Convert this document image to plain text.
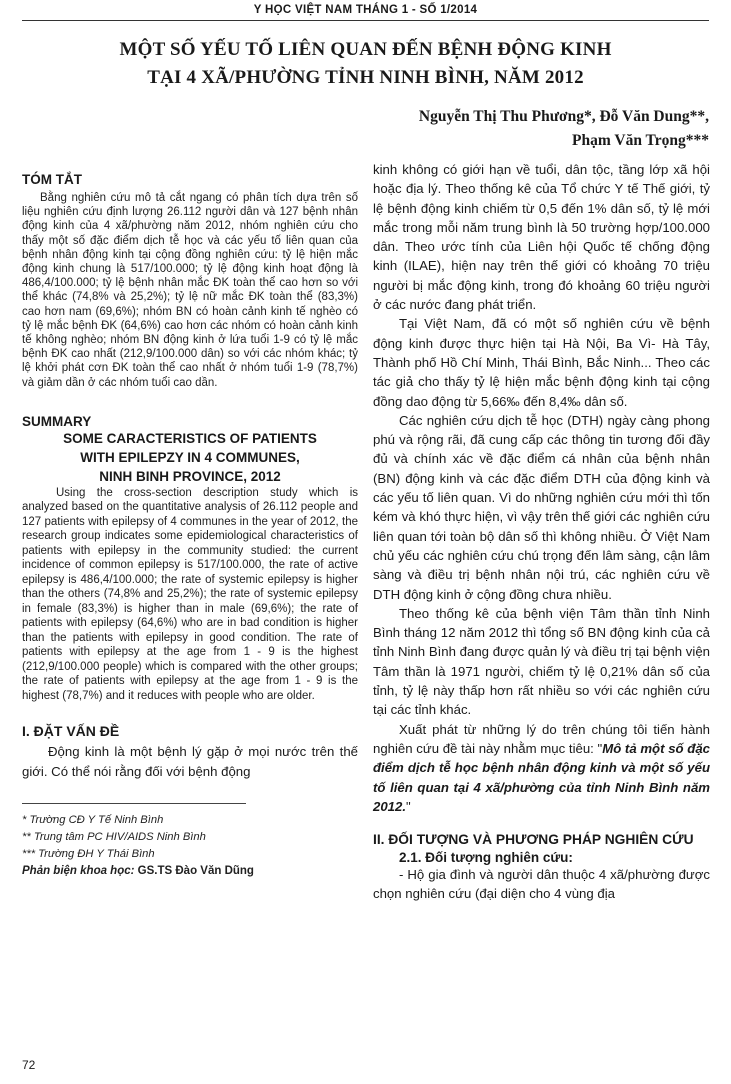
Y HỌC VIỆT NAM THÁNG 1 - SỐ 1/2014
MỘT SỐ YẾU TỐ LIÊN QUAN ĐẾN BỆNH ĐỘNG KINH
TẠI 4 XÃ/PHƯỜNG TỈNH NINH BÌNH, NĂM 2012
Nguyễn Thị Thu Phương*, Đỗ Văn Dung**,
Phạm Văn Trọng***
TÓM TẮT

Bằng nghiên cứu mô tả cắt ngang có phân tích dựa trên số liệu nghiên cứu định lượng 26.112 người dân và 127 bệnh nhân động kinh của 4 xã/phường năm 2012, nhóm nghiên cứu cho thấy một số đặc điểm dịch tễ học và các yếu tố liên quan của bệnh nhân động kinh tại cộng đồng nghiên cứu: tỷ lệ hiện mắc động kinh chung là 517/100.000; tỷ lệ động kinh hoạt động là 486,4/100.000; tỷ lệ bệnh nhân mắc ĐK toàn thể cao hơn so với thể khác (74,8% và 25,2%); tỷ lệ nữ mắc ĐK toàn thể (83,3%) cao hơn nam (69,6%); nhóm BN có hoàn cảnh kinh tế nghèo có tỷ lệ mắc bệnh ĐK (64,6%) cao hơn các nhóm có hoàn cảnh kinh tế không nghèo; nhóm BN động kinh ở lứa tuổi 1-9 có tỷ lệ mắc bệnh ĐK cao nhất (212,9/100.000 dân) so với các nhóm khác; tỷ lệ khởi phát cơn ĐK toàn thể cao nhất ở nhóm tuổi 1-9 (78,7%) và giảm dần ở các nhóm tuổi cao dần.

SUMMARY
SOME CARACTERISTICS OF PATIENTS
WITH EPILEPZY IN 4 COMMUNES,
NINH BINH PROVINCE, 2012

Using the cross-section description study which is analyzed based on the quantitative analysis of 26.112 people and 127 patients with epilepsy of 4 communes in the year of 2012, the research group indicates some epidemiological characteristics of patients with epilepsy in the community studied: the current incidence of common epilepsy is 517/100.000, the rate of active epilepsy is 486,4/100.000; the rate of systemic epilepsy is higher than the others (74,8% and 25,2%); the rate of systemic epilepsy in female (83,3%) is higher than in male (69,6%); the rate of patients with epilepsy (64,6%) who are in bad condition is higher than the patients with epilepsy in good condition. The rate of patients with epilepsy at the age from 1 - 9 is the highest (212,9/100.000 people) which is compared with the other groups; the rate of patients with epilepsy at the age from 1 - 9 is the highest (78,7%) and it reduces with people who are older.

I. ĐẶT VẤN ĐỀ

Động kinh là một bệnh lý gặp ở mọi nước trên thế giới. Có thể nói rằng đối với bệnh động

* Trường CĐ Y Tế Ninh Bình
** Trung tâm PC HIV/AIDS Ninh Bình
*** Trường ĐH Y Thái Bình
Phản biện khoa học: GS.TS Đào Văn Dũng

kinh không có giới hạn về tuổi, dân tộc, tầng lớp xã hội hoặc địa lý. Theo thống kê của Tổ chức Y tế Thế giới, tỷ lệ bệnh động kinh chiếm từ 0,5 đến 1% dân số, tỷ lệ mới mắc trong mỗi năm trung bình là 50 trường hợp/100.000 dân. Theo ước tính của Liên hội Quốc tế chống động kinh (ILAE), hiện nay trên thế giới có khoảng 70 triệu người bị mắc động kinh, trong đó khoảng 60 triệu người ở các nước đang phát triển.

Tại Việt Nam, đã có một số nghiên cứu về bệnh động kinh được thực hiện tại Hà Nội, Ba Vì- Hà Tây, Thành phố Hồ Chí Minh, Thái Bình, Bắc Ninh... Theo các tác giả cho thấy tỷ lệ hiện mắc bệnh động kinh tại cộng đồng dao động từ 5,66‰ đến 8,4‰ dân số.

Các nghiên cứu dịch tễ học (DTH) ngày càng phong phú và rộng rãi, đã cung cấp các thông tin tương đối đầy đủ và chính xác về đặc điểm cá nhân của bệnh nhân (BN) động kinh và các đặc điểm DTH của động kinh và các yếu tố liên quan. Vì do những nghiên cứu mới thì tốn kém và khó thực hiện, vì vậy trên thế giới các nghiên cứu liên quan tới toàn bộ dân số thì không nhiều. Ở Việt Nam chủ yếu các nghiên cứu chú trọng đến lâm sàng, cận lâm sàng và điều trị bệnh nhân nội trú, các nghiên cứu về DTH động kinh ở cộng đồng chưa nhiều.

Theo thống kê của bệnh viện Tâm thần tỉnh Ninh Bình tháng 12 năm 2012 thì tổng số BN động kinh của cả tỉnh Ninh Bình đang được quản lý và điều trị tại bệnh viện Tâm thần là 1971 người, chiếm tỷ lệ 0,21% dân số của tỉnh, tỷ lệ này thấp hơn rất nhiều so với các nghiên cứu tại các tỉnh khác.

Xuất phát từ những lý do trên chúng tôi tiến hành nghiên cứu đề tài này nhằm mục tiêu: "Mô tả một số đặc điểm dịch tễ học bệnh nhân động kinh và một số yếu tố liên quan tại 4 xã/phường của tỉnh Ninh Bình năm 2012."

II. ĐỐI TƯỢNG VÀ PHƯƠNG PHÁP NGHIÊN CỨU
2.1. Đối tượng nghiên cứu:

- Hộ gia đình và người dân thuộc 4 xã/phường được chọn nghiên cứu (đại diện cho 4 vùng địa

72
